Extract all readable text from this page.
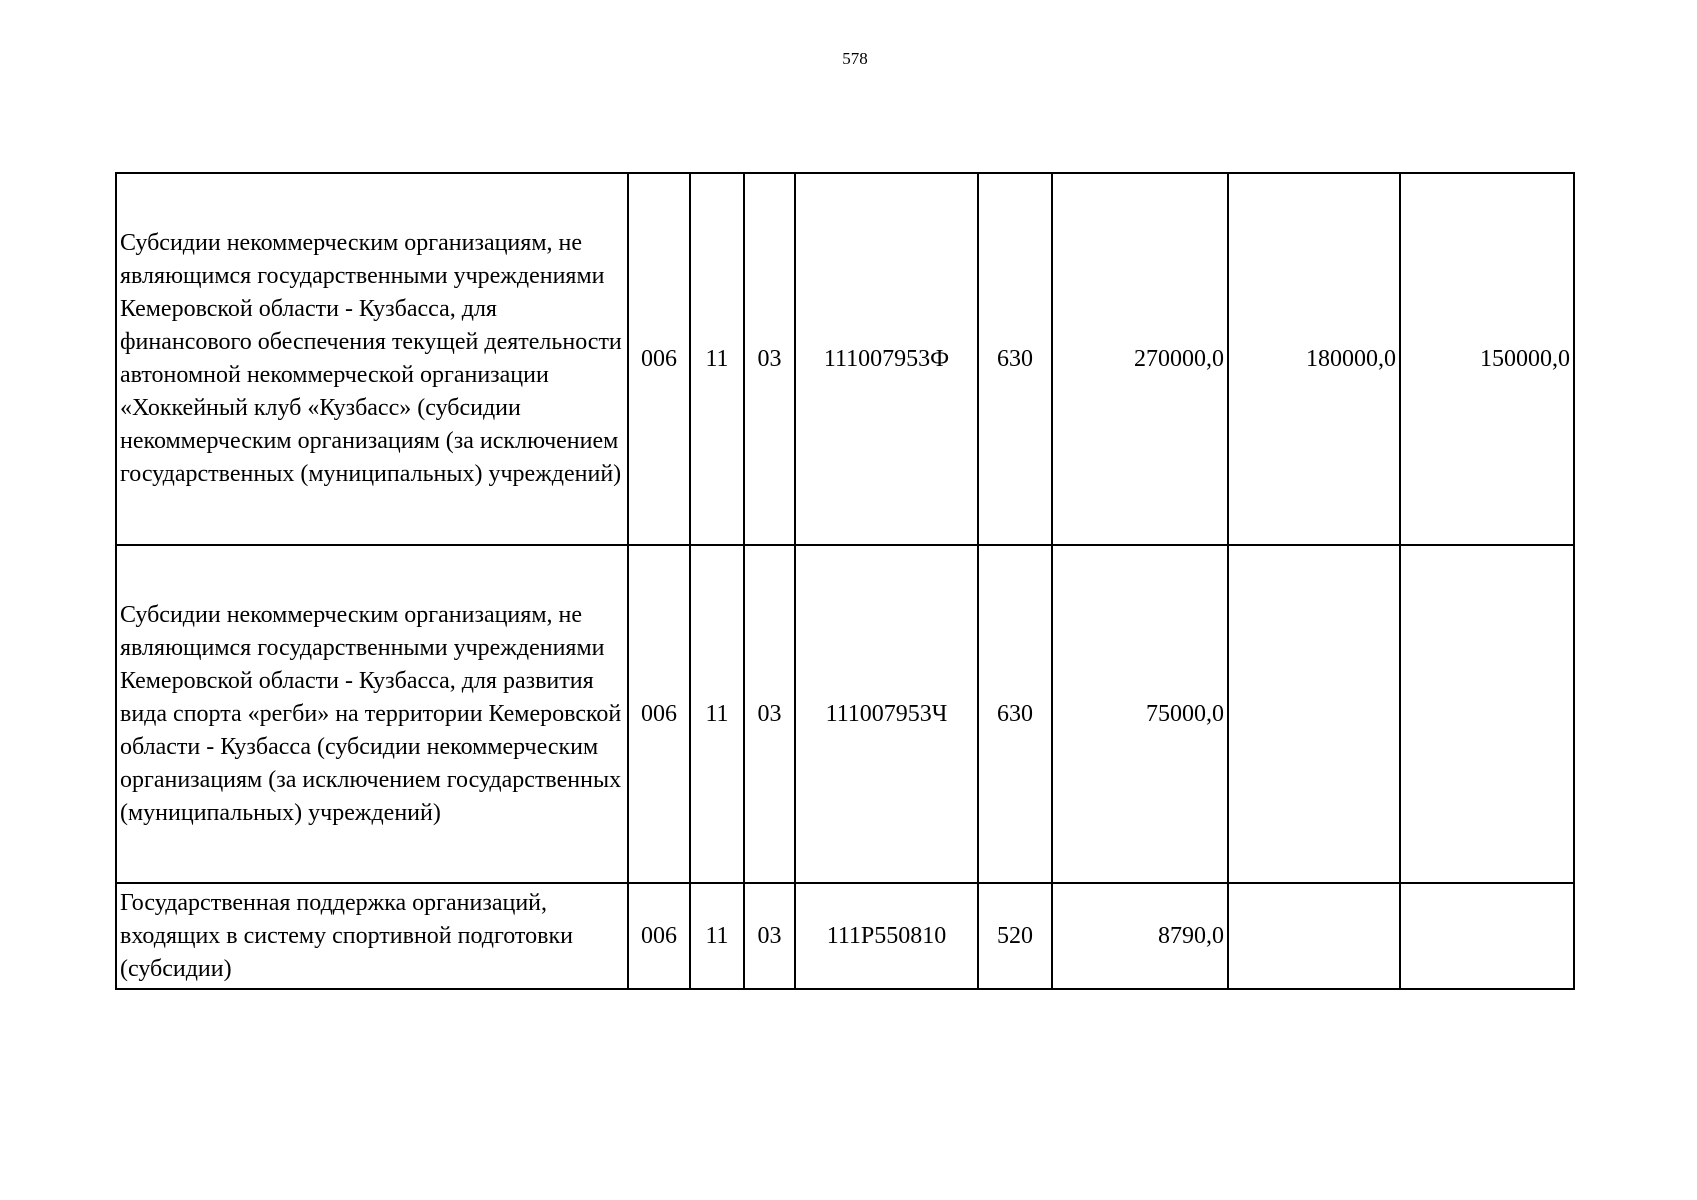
578
Субсидии некоммерческим организациям, не являющимся государственными учреждениями Кемеровской области - Кузбасса, для финансового обеспечения текущей деятельности автономной некоммерческой организации «Хоккейный клуб «Кузбасс» (субсидии некоммерческим организациям (за исключением государственных (муниципальных) учреждений)	006	11	03	111007953Ф	630	270000,0	180000,0	150000,0
Субсидии некоммерческим организациям, не являющимся государственными учреждениями Кемеровской области - Кузбасса, для развития вида спорта «регби» на территории Кемеровской области - Кузбасса (субсидии некоммерческим организациям (за исключением государственных (муниципальных) учреждений)	006	11	03	111007953Ч	630	75000,0		
Государственная поддержка организаций, входящих в систему спортивной подготовки (субсидии)	006	11	03	111P550810	520	8790,0		
